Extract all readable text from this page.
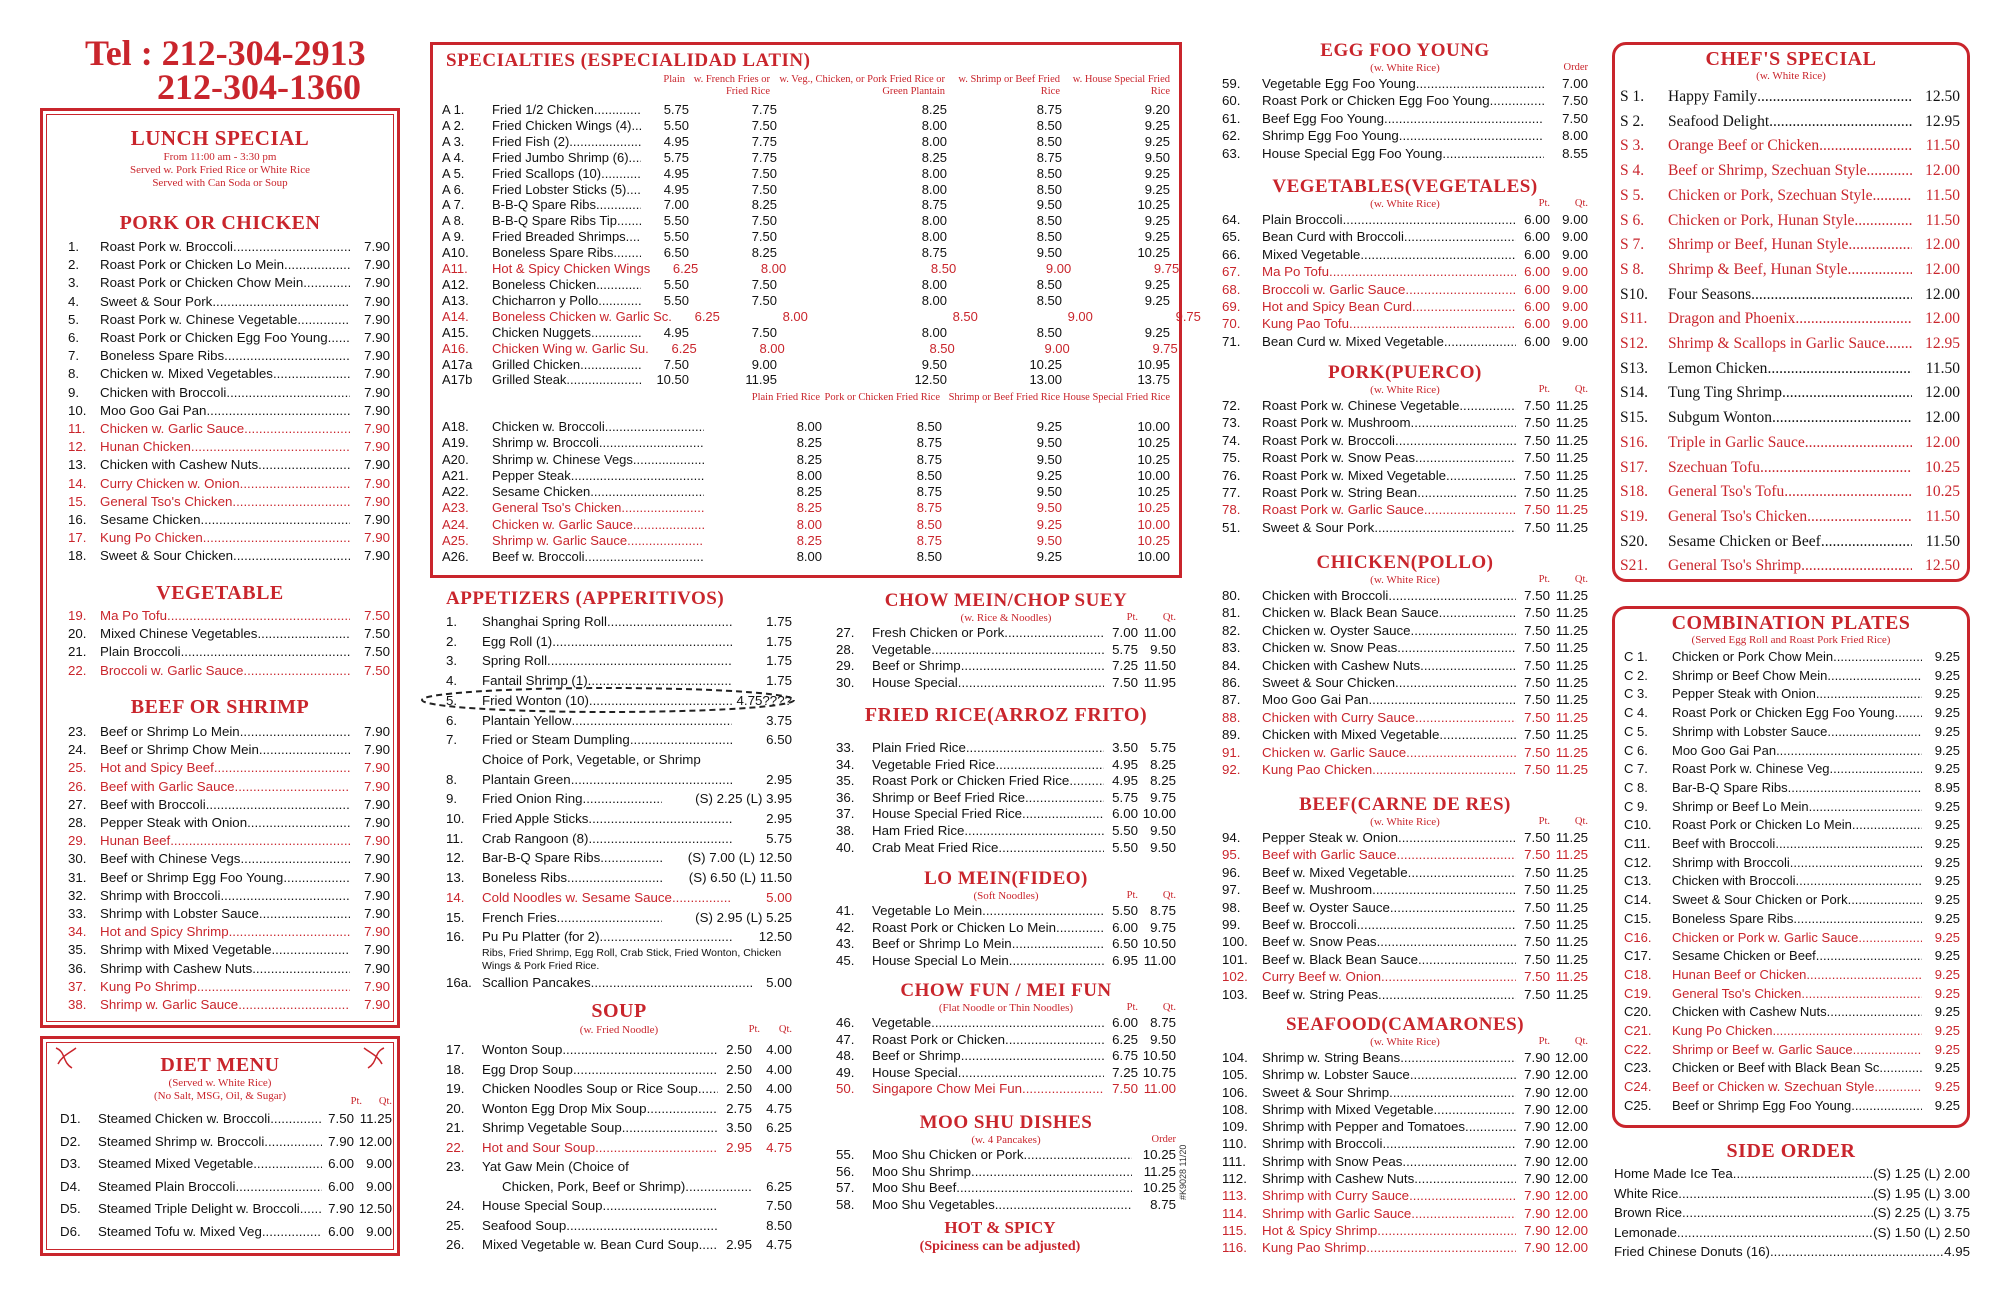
Tel : 212-304-2913
212-304-1360
LUNCH SPECIAL
From 11:00 am - 3:30 pm
Served w. Pork Fried Rice or White Rice
Served with Can Soda or Soup
PORK OR CHICKEN
1.	Roast Pork w. Broccoli .....	7.90
2.	Roast Pork or Chicken Lo Mein .....	7.90
3.	Roast Pork or Chicken Chow Mein .....	7.90
4.	Sweet & Sour Pork .....	7.90
5.	Roast Pork w. Chinese Vegetable .....	7.90
6.	Roast Pork or Chicken Egg Foo Young .....	7.90
7.	Boneless Spare Ribs .....	7.90
8.	Chicken w. Mixed Vegetables .....	7.90
9.	Chicken with Broccoli .....	7.90
10.	Moo Goo Gai Pan .....	7.90
11.	Chicken w. Garlic Sauce .....	7.90
12.	Hunan Chicken .....	7.90
13.	Chicken with Cashew Nuts .....	7.90
14.	Curry Chicken w. Onion .....	7.90
15.	General Tso's Chicken .....	7.90
16.	Sesame Chicken .....	7.90
17.	Kung Po Chicken .....	7.90
18.	Sweet & Sour Chicken .....	7.90
VEGETABLE
19.	Ma Po Tofu .....	7.50
20.	Mixed Chinese Vegetables .....	7.50
21.	Plain Broccoli .....	7.50
22.	Broccoli w. Garlic Sauce .....	7.50
BEEF OR SHRIMP
23.	Beef or Shrimp Lo Mein .....	7.90
24.	Beef or Shrimp Chow Mein .....	7.90
25.	Hot and Spicy Beef .....	7.90
26.	Beef with Garlic Sauce .....	7.90
27.	Beef with Broccoli .....	7.90
28.	Pepper Steak with Onion .....	7.90
29.	Hunan Beef .....	7.90
30.	Beef with Chinese Vegs. .....	7.90
31.	Beef or Shrimp Egg Foo Young .....	7.90
32.	Shrimp with Broccoli .....	7.90
33.	Shrimp with Lobster Sauce .....	7.90
34.	Hot and Spicy Shrimp .....	7.90
35.	Shrimp with Mixed Vegetable .....	7.90
36.	Shrimp with Cashew Nuts .....	7.90
37.	Kung Po Shrimp .....	7.90
38.	Shrimp w. Garlic Sauce .....	7.90
DIET MENU
(Served w. White Rice)
(No Salt, MSG, Oil, & Sugar)	Pt.	Qt.
D1.	Steamed Chicken w. Broccoli .....	7.50 11.25
D2.	Steamed Shrimp w. Broccoli .....	7.90 12.00
D3.	Steamed Mixed Vegetable .....	6.00 9.00
D4.	Steamed Plain Broccoli .....	6.00 9.00
D5.	Steamed Triple Delight w. Broccoli .....	7.90 12.50
D6.	Steamed Tofu w. Mixed Veg .....	6.00 9.00
SPECIALTIES (ESPECIALIDAD LATIN)
Plain w. French Fries or Fried Rice
w. Veg., Chicken, or Pork Fried Rice or Green Plantain
w. Shrimp or Beef Fried Rice
w. House Special Fried Rice
A 1.	Fried 1/2 Chicken .....	5.75	7.75	8.25	8.75	9.20
A 2.	Fried Chicken Wings (4) .....	5.50	7.50	8.00	8.50	9.25
A 3.	Fried Fish (2) .....	4.95	7.75	8.00	8.50	9.25
A 4.	Fried Jumbo Shrimp (6) .....	5.75	7.75	8.25	8.75	9.50
A 5.	Fried Scallops (10) .....	4.95	7.50	8.00	8.50	9.25
A 6.	Fried Lobster Sticks (5) .....	4.95	7.50	8.00	8.50	9.25
A 7.	B-B-Q Spare Ribs .....	7.00	8.25	8.75	9.50	10.25
A 8.	B-B-Q Spare Ribs Tip .....	5.50	7.50	8.00	8.50	9.25
A 9.	Fried Breaded Shrimps .....	5.50	7.50	8.00	8.50	9.25
A10.	Boneless Spare Ribs .....	6.50	8.25	8.75	9.50	10.25
A11.	Hot & Spicy Chicken Wings	6.25	8.00	8.50	9.00	9.75
A12.	Boneless Chicken .....	5.50	7.50	8.00	8.50	9.25
A13.	Chicharron y Pollo .....	5.50	7.50	8.00	8.50	9.25
A14.	Boneless Chicken w. Garlic Sc.	6.25	8.00	8.50	9.00	9.75
A15.	Chicken Nuggets .....	4.95	7.50	8.00	8.50	9.25
A16.	Chicken Wing w. Garlic Su.	6.25	8.00	8.50	9.00	9.75
A17a	Grilled Chicken .....	7.50	9.00	9.50	10.25	10.95
A17b	Grilled Steak .....	10.50	11.95	12.50	13.00	13.75
Plain Fried Rice Pork or Chicken Fried Rice Shrimp or Beef Fried Rice House Special Fried Rice
A18.	Chicken w. Broccoli .....	8.00	8.50	9.25	10.00
A19.	Shrimp w. Broccoli .....	8.25	8.75	9.50	10.25
A20.	Shrimp w. Chinese Vegs. .....	8.25	8.75	9.50	10.25
A21.	Pepper Steak .....	8.00	8.50	9.25	10.00
A22.	Sesame Chicken .....	8.25	8.75	9.50	10.25
A23.	General Tso's Chicken .....	8.25	8.75	9.50	10.25
A24.	Chicken w. Garlic Sauce .....	8.00	8.50	9.25	10.00
A25.	Shrimp w. Garlic Sauce .....	8.25	8.75	9.50	10.25
A26.	Beef w. Broccoli .....	8.00	8.50	9.25	10.00
APPETIZERS (APPERITIVOS)
1.	Shanghai Spring Roll .....	1.75
2.	Egg Roll (1) .....	1.75
3.	Spring Roll .....	1.75
4.	Fantail Shrimp (1) .....	1.75
5.	Fried Wonton (10) .....	4.75????
6.	Plantain Yellow .....	3.75
7.	Fried or Steam Dumpling .....	6.50
Choice of Pork, Vegetable, or Shrimp
8.	Plantain Green .....	2.95
9.	Fried Onion Ring .....	(S) 2.25 (L) 3.95
10.	Fried Apple Sticks .....	2.95
11.	Crab Rangoon (8) .....	5.75
12.	Bar-B-Q Spare Ribs .....	(S) 7.00 (L) 12.50
13.	Boneless Ribs .....	(S) 6.50 (L) 11.50
14.	Cold Noodles w. Sesame Sauce .....	5.00
15.	French Fries .....	(S) 2.95 (L) 5.25
16.	Pu Pu Platter (for 2) .....	12.50
Ribs, Fried Shrimp, Egg Roll, Crab Stick, Fried Wonton, Chicken Wings & Pork Fried Rice.
16a. Scallion Pancakes .....	5.00
SOUP
(w. Fried Noodle)	Pt.	Qt.
17.	Wonton Soup .....	2.50	4.00
18.	Egg Drop Soup .....	2.50	4.00
19.	Chicken Noodles Soup or Rice Soup .....	2.50	4.00
20.	Wonton Egg Drop Mix Soup .....	2.75	4.75
21.	Shrimp Vegetable Soup .....	3.50	6.25
22.	Hot and Sour Soup .....	2.95	4.75
23.	Yat Gaw Mein (Choice of
Chicken, Pork, Beef or Shrimp) .....	6.25
24.	House Special Soup .....	7.50
25.	Seafood Soup .....	8.50
26.	Mixed Vegetable w. Bean Curd Soup .....	2.95	4.75
CHOW MEIN/CHOP SUEY
(w. Rice & Noodles)	Pt.	Qt.
27.	Fresh Chicken or Pork .....	7.00 11.00
28.	Vegetable .....	5.75 9.50
29.	Beef or Shrimp .....	7.25 11.50
30.	House Special .....	7.50 11.95
FRIED RICE(ARROZ FRITO)
33.	Plain Fried Rice .....	3.50 5.75
34.	Vegetable Fried Rice .....	4.95 8.25
35.	Roast Pork or Chicken Fried Rice .....	4.95 8.25
36.	Shrimp or Beef Fried Rice .....	5.75 9.75
37.	House Special Fried Rice .....	6.00 10.00
38.	Ham Fried Rice .....	5.50 9.50
40.	Crab Meat Fried Rice .....	5.50 9.50
LO MEIN(FIDEO)
(Soft Noodles)	Pt.	Qt.
41.	Vegetable Lo Mein .....	5.50 8.75
42.	Roast Pork or Chicken Lo Mein .....	6.00 9.75
43.	Beef or Shrimp Lo Mein .....	6.50 10.50
45.	House Special Lo Mein .....	6.95 11.00
CHOW FUN / MEI FUN
(Flat Noodle or Thin Noodles)	Pt.	Qt.
46.	Vegetable .....	6.00 8.75
47.	Roast Pork or Chicken .....	6.25 9.50
48.	Beef or Shrimp .....	6.75 10.50
49.	House Special .....	7.25 10.75
50.	Singapore Chow Mei Fun .....	7.50 11.00
MOO SHU DISHES
(w. 4 Pancakes)	Order
55.	Moo Shu Chicken or Pork .....	10.25
56.	Moo Shu Shrimp .....	11.25
57.	Moo Shu Beef .....	10.25
58.	Moo Shu Vegetables .....	8.75
HOT & SPICY
(Spiciness can be adjusted)
#K9028 11/20
EGG FOO YOUNG
(w. White Rice)	Order
59.	Vegetable Egg Foo Young .....	7.00
60.	Roast Pork or Chicken Egg Foo Young .....	7.50
61.	Beef Egg Foo Young .....	7.50
62.	Shrimp Egg Foo Young .....	8.00
63.	House Special Egg Foo Young .....	8.55
VEGETABLES(VEGETALES)
(w. White Rice)	Pt.	Qt.
64.	Plain Broccoli .....	6.00 9.00
65.	Bean Curd with Broccoli .....	6.00 9.00
66.	Mixed Vegetable .....	6.00 9.00
67.	Ma Po Tofu .....	6.00 9.00
68.	Broccoli w. Garlic Sauce .....	6.00 9.00
69.	Hot and Spicy Bean Curd .....	6.00 9.00
70.	Kung Pao Tofu .....	6.00 9.00
71.	Bean Curd w. Mixed Vegetable .....	6.00 9.00
PORK(PUERCO)
(w. White Rice)	Pt.	Qt.
72.	Roast Pork w. Chinese Vegetable .....	7.50 11.25
73.	Roast Pork w. Mushroom .....	7.50 11.25
74.	Roast Pork w. Broccoli .....	7.50 11.25
75.	Roast Pork w. Snow Peas .....	7.50 11.25
76.	Roast Pork w. Mixed Vegetable .....	7.50 11.25
77.	Roast Pork w. String Bean .....	7.50 11.25
78.	Roast Pork w. Garlic Sauce .....	7.50 11.25
51.	Sweet & Sour Pork .....	7.50 11.25
CHICKEN(POLLO)
(w. White Rice)	Pt.	Qt.
80.	Chicken with Broccoli .....	7.50 11.25
81.	Chicken w. Black Bean Sauce .....	7.50 11.25
82.	Chicken w. Oyster Sauce .....	7.50 11.25
83.	Chicken w. Snow Peas .....	7.50 11.25
84.	Chicken with Cashew Nuts .....	7.50 11.25
86.	Sweet & Sour Chicken .....	7.50 11.25
87.	Moo Goo Gai Pan .....	7.50 11.25
88.	Chicken with Curry Sauce .....	7.50 11.25
89.	Chicken with Mixed Vegetable .....	7.50 11.25
91.	Chicken w. Garlic Sauce .....	7.50 11.25
92.	Kung Pao Chicken .....	7.50 11.25
BEEF(CARNE DE RES)
(w. White Rice)	Pt.	Qt.
94.	Pepper Steak w. Onion .....	7.50 11.25
95.	Beef with Garlic Sauce .....	7.50 11.25
96.	Beef w. Mixed Vegetable .....	7.50 11.25
97.	Beef w. Mushroom .....	7.50 11.25
98.	Beef w. Oyster Sauce .....	7.50 11.25
99.	Beef w. Broccoli .....	7.50 11.25
100.	Beef w. Snow Peas .....	7.50 11.25
101.	Beef w. Black Bean Sauce .....	7.50 11.25
102.	Curry Beef w. Onion .....	7.50 11.25
103.	Beef w. String Peas .....	7.50 11.25
SEAFOOD(CAMARONES)
(w. White Rice)	Pt.	Qt.
104.	Shrimp w. String Beans .....	7.90 12.00
105.	Shrimp w. Lobster Sauce .....	7.90 12.00
106.	Sweet & Sour Shrimp .....	7.90 12.00
108.	Shrimp with Mixed Vegetable .....	7.90 12.00
109.	Shrimp with Pepper and Tomatoes .....	7.90 12.00
110.	Shrimp with Broccoli .....	7.90 12.00
111.	Shrimp with Snow Peas .....	7.90 12.00
112.	Shrimp with Cashew Nuts .....	7.90 12.00
113.	Shrimp with Curry Sauce .....	7.90 12.00
114.	Shrimp with Garlic Sauce .....	7.90 12.00
115.	Hot & Spicy Shrimp .....	7.90 12.00
116.	Kung Pao Shrimp .....	7.90 12.00
CHEF'S SPECIAL
(w. White Rice)
S 1.	Happy Family .....	12.50
S 2.	Seafood Delight .....	12.95
S 3.	Orange Beef or Chicken .....	11.50
S 4.	Beef or Shrimp, Szechuan Style .....	12.00
S 5.	Chicken or Pork, Szechuan Style .....	11.50
S 6.	Chicken or Pork, Hunan Style .....	11.50
S 7.	Shrimp or Beef, Hunan Style .....	12.00
S 8.	Shrimp & Beef, Hunan Style .....	12.00
S10.	Four Seasons .....	12.00
S11.	Dragon and Phoenix .....	12.00
S12.	Shrimp & Scallops in Garlic Sauce .....	12.95
S13.	Lemon Chicken .....	11.50
S14.	Tung Ting Shrimp .....	12.00
S15.	Subgum Wonton .....	12.00
S16.	Triple in Garlic Sauce .....	12.00
S17.	Szechuan Tofu .....	10.25
S18.	General Tso's Tofu .....	10.25
S19.	General Tso's Chicken .....	11.50
S20.	Sesame Chicken or Beef .....	11.50
S21.	General Tso's Shrimp .....	12.50
COMBINATION PLATES
(Served Egg Roll and Roast Pork Fried Rice)
C 1.	Chicken or Pork Chow Mein .....	9.25
C 2.	Shrimp or Beef Chow Mein .....	9.25
C 3.	Pepper Steak with Onion .....	9.25
C 4.	Roast Pork or Chicken Egg Foo Young .....	9.25
C 5.	Shrimp with Lobster Sauce .....	9.25
C 6.	Moo Goo Gai Pan .....	9.25
C 7.	Roast Pork w. Chinese Veg .....	9.25
C 8.	Bar-B-Q Spare Ribs .....	8.95
C 9.	Shrimp or Beef Lo Mein .....	9.25
C10.	Roast Pork or Chicken Lo Mein .....	9.25
C11.	Beef with Broccoli .....	9.25
C12.	Shrimp with Broccoli .....	9.25
C13.	Chicken with Broccoli .....	9.25
C14.	Sweet & Sour Chicken or Pork .....	9.25
C15.	Boneless Spare Ribs .....	9.25
C16.	Chicken or Pork w. Garlic Sauce .....	9.25
C17.	Sesame Chicken or Beef .....	9.25
C18.	Hunan Beef or Chicken .....	9.25
C19.	General Tso's Chicken .....	9.25
C20.	Chicken with Cashew Nuts .....	9.25
C21.	Kung Po Chicken .....	9.25
C22.	Shrimp or Beef w. Garlic Sauce .....	9.25
C23.	Chicken or Beef with Black Bean Sc. .....	9.25
C24.	Beef or Chicken w. Szechuan Style .....	9.25
C25.	Beef or Shrimp Egg Foo Young .....	9.25
SIDE ORDER
Home Made Ice Tea .....	(S) 1.25 (L) 2.00
White Rice .....	(S) 1.95 (L) 3.00
Brown Rice .....	(S) 2.25 (L) 3.75
Lemonade .....	(S) 1.50 (L) 2.50
Fried Chinese Donuts (16) .....	4.95
